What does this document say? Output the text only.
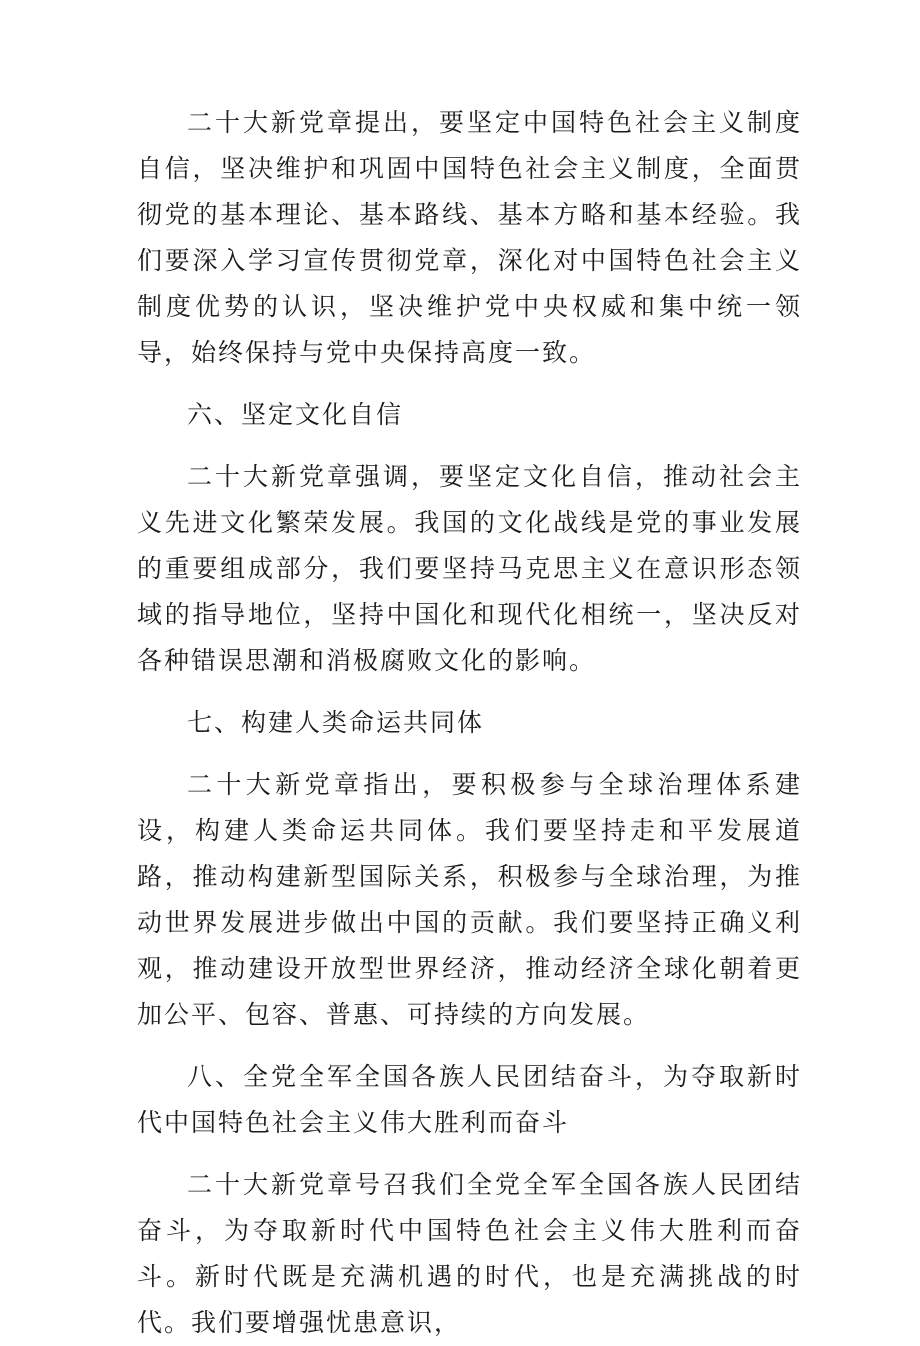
二十大新党章提出，要坚定中国特色社会主义制度自信，坚决维护和巩固中国特色社会主义制度，全面贯彻党的基本理论、基本路线、基本方略和基本经验。我们要深入学习宣传贯彻党章，深化对中国特色社会主义制度优势的认识，坚决维护党中央权威和集中统一领导，始终保持与党中央保持高度一致。

六、坚定文化自信

二十大新党章强调，要坚定文化自信，推动社会主义先进文化繁荣发展。我国的文化战线是党的事业发展的重要组成部分，我们要坚持马克思主义在意识形态领域的指导地位，坚持中国化和现代化相统一，坚决反对各种错误思潮和消极腐败文化的影响。

七、构建人类命运共同体

二十大新党章指出，要积极参与全球治理体系建设，构建人类命运共同体。我们要坚持走和平发展道路，推动构建新型国际关系，积极参与全球治理，为推动世界发展进步做出中国的贡献。我们要坚持正确义利观，推动建设开放型世界经济，推动经济全球化朝着更加公平、包容、普惠、可持续的方向发展。

八、全党全军全国各族人民团结奋斗，为夺取新时代中国特色社会主义伟大胜利而奋斗

二十大新党章号召我们全党全军全国各族人民团结奋斗，为夺取新时代中国特色社会主义伟大胜利而奋斗。新时代既是充满机遇的时代，也是充满挑战的时代。我们要增强忧患意识，
